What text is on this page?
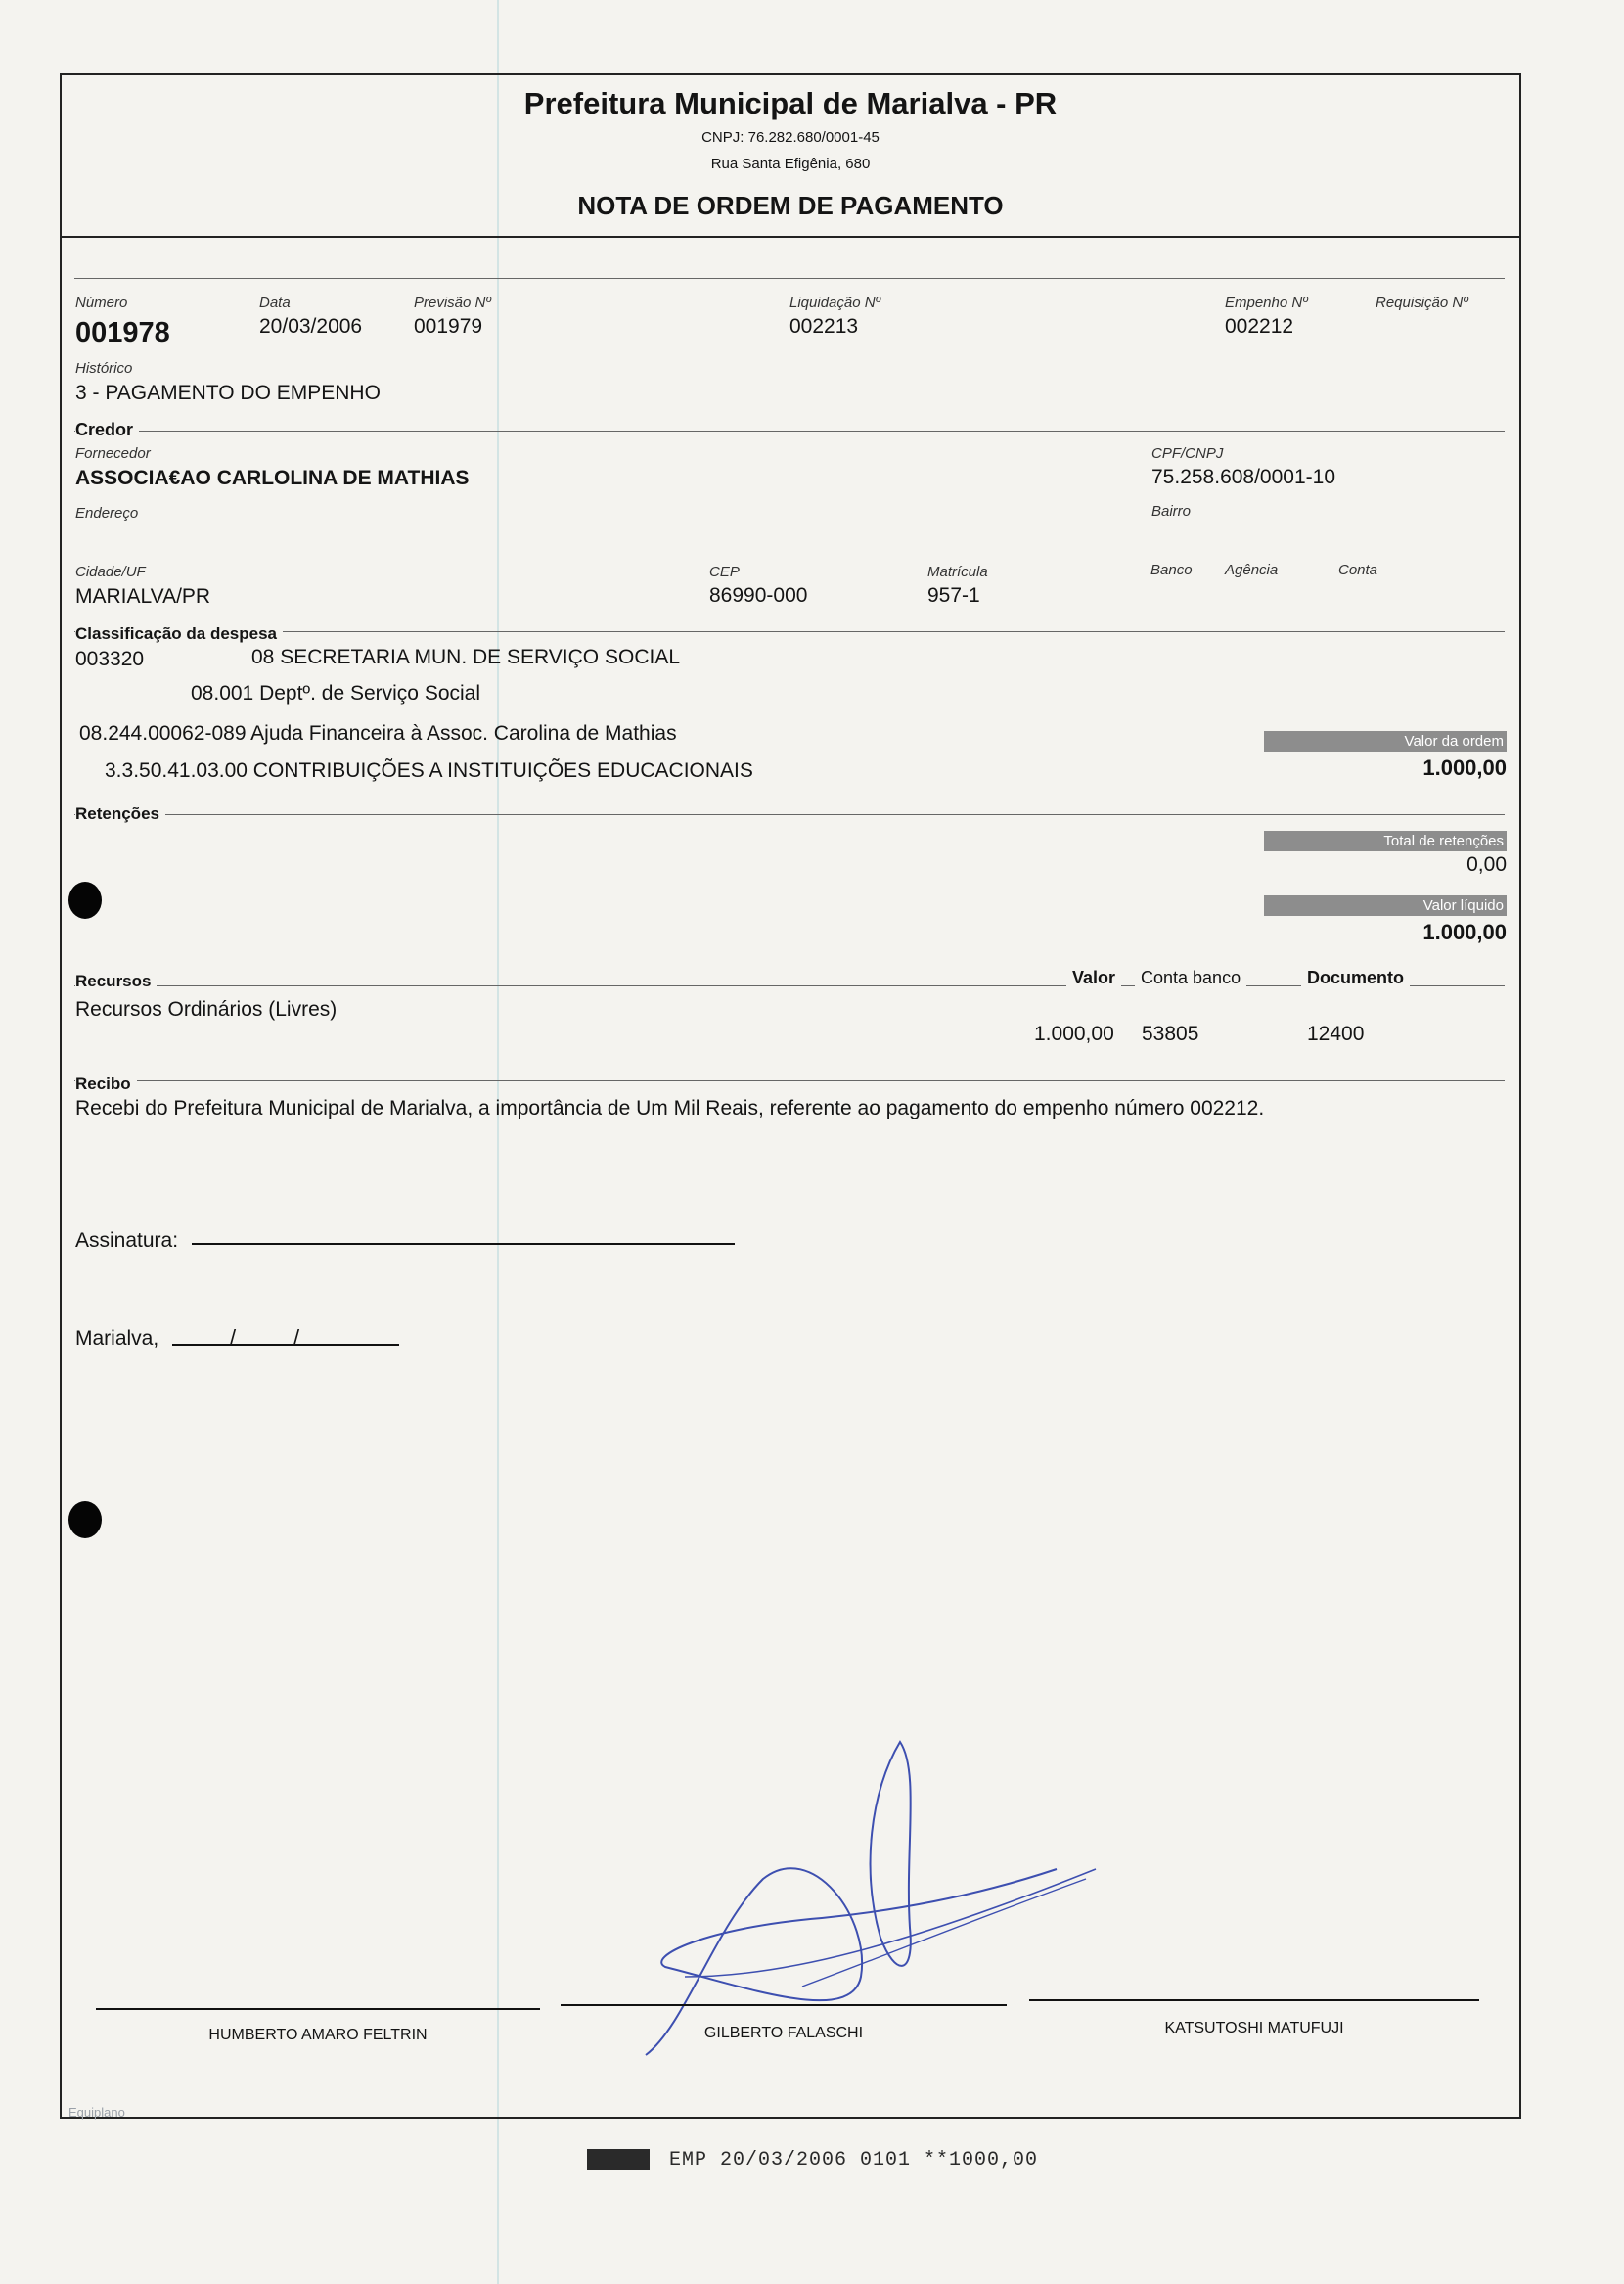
Prefeitura Municipal de Marialva - PR
CNPJ: 76.282.680/0001-45
Rua Santa Efigênia, 680
NOTA DE ORDEM DE PAGAMENTO
Número
001978
Data
20/03/2006
Previsão Nº
001979
Liquidação Nº
002213
Empenho Nº
002212
Requisição Nº
Histórico
3 - PAGAMENTO DO EMPENHO
Credor
Fornecedor
ASSOCIA€AO CARLOLINA DE MATHIAS
CPF/CNPJ
75.258.608/0001-10
Endereço	Bairro
Cidade/UF
MARIALVA/PR
CEP
86990-000
Matrícula
957-1
Banco Agência	Conta
Classificação da despesa
003320	08 SECRETARIA MUN. DE SERVIÇO SOCIAL
08.001 Deptº. de Serviço Social
08.244.00062-089 Ajuda Financeira à Assoc. Carolina de Mathias
3.3.50.41.03.00 CONTRIBUIÇÕES A INSTITUIÇÕES EDUCACIONAIS
Valor da ordem
1.000,00
Retenções
Total de retenções
0,00
Valor líquido
1.000,00
Recursos	Valor	Conta banco	Documento
Recursos Ordinários (Livres)
1.000,00 53805	12400
Recibo
Recebi do Prefeitura Municipal de Marialva, a importância de Um Mil Reais, referente ao pagamento do empenho número 002212.
Assinatura:
Marialva,	/	/
HUMBERTO AMARO FELTRIN	GILBERTO FALASCHI	KATSUTOSHI MATUFUJI
Equiplano
EMP 20/03/2006 0101 **1000,00
